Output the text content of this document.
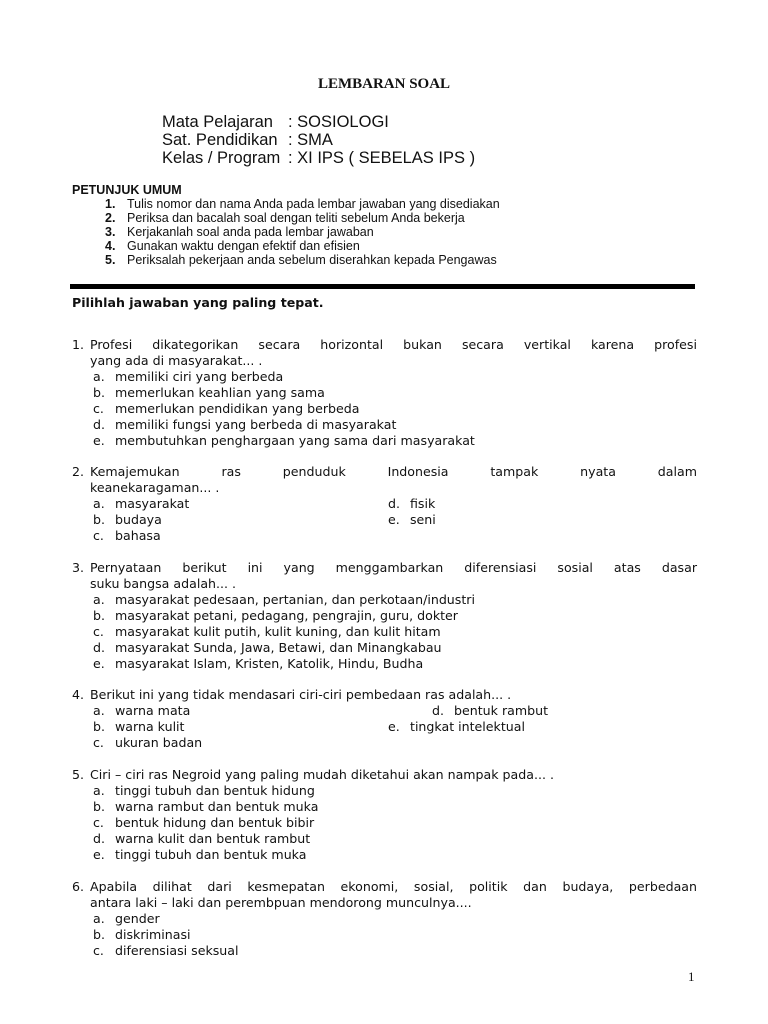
LEMBARAN SOAL
Mata Pelajaran : SOSIOLOGI
Sat. Pendidikan : SMA
Kelas / Program : XI IPS ( SEBELAS IPS )
PETUNJUK UMUM
1. Tulis nomor dan nama Anda pada lembar jawaban yang disediakan
2. Periksa dan bacalah soal dengan teliti sebelum Anda bekerja
3. Kerjakanlah soal anda pada lembar jawaban
4. Gunakan waktu dengan efektif dan efisien
5. Periksalah pekerjaan anda sebelum diserahkan kepada Pengawas
Pilihlah jawaban yang paling tepat.
1. Profesi dikategorikan secara horizontal bukan secara vertikal karena profesi
yang ada di masyarakat... .
a. memiliki ciri yang berbeda
b. memerlukan keahlian yang sama
c. memerlukan pendidikan yang berbeda
d. memiliki fungsi yang berbeda di masyarakat
e. membutuhkan penghargaan yang sama dari masyarakat
2. Kemajemukan ras penduduk Indonesia tampak nyata dalam
keanekaragaman... .
a. masyarakat
b. budaya
c. bahasa
d. fisik
e. seni
3. Pernyataan berikut ini yang menggambarkan diferensiasi sosial atas dasar
suku bangsa adalah... .
a. masyarakat pedesaan, pertanian, dan perkotaan/industri
b. masyarakat petani, pedagang, pengrajin, guru, dokter
c. masyarakat kulit putih, kulit kuning, dan kulit hitam
d. masyarakat Sunda, Jawa, Betawi, dan Minangkabau
e. masyarakat Islam, Kristen, Katolik, Hindu, Budha
4. Berikut ini yang tidak mendasari ciri-ciri pembedaan ras adalah... .
a. warna mata
b. warna kulit
c. ukuran badan
d. bentuk rambut
e. tingkat intelektual
5. Ciri – ciri ras Negroid yang paling mudah diketahui akan nampak pada... .
a. tinggi tubuh dan bentuk hidung
b. warna rambut dan bentuk muka
c. bentuk hidung dan bentuk bibir
d. warna kulit dan bentuk rambut
e. tinggi tubuh dan bentuk muka
6. Apabila dilihat dari kesmepatan ekonomi, sosial, politik dan budaya, perbedaan
antara laki – laki dan perembpuan mendorong munculnya....
a. gender
b. diskriminasi
c. diferensiasi seksual
1
